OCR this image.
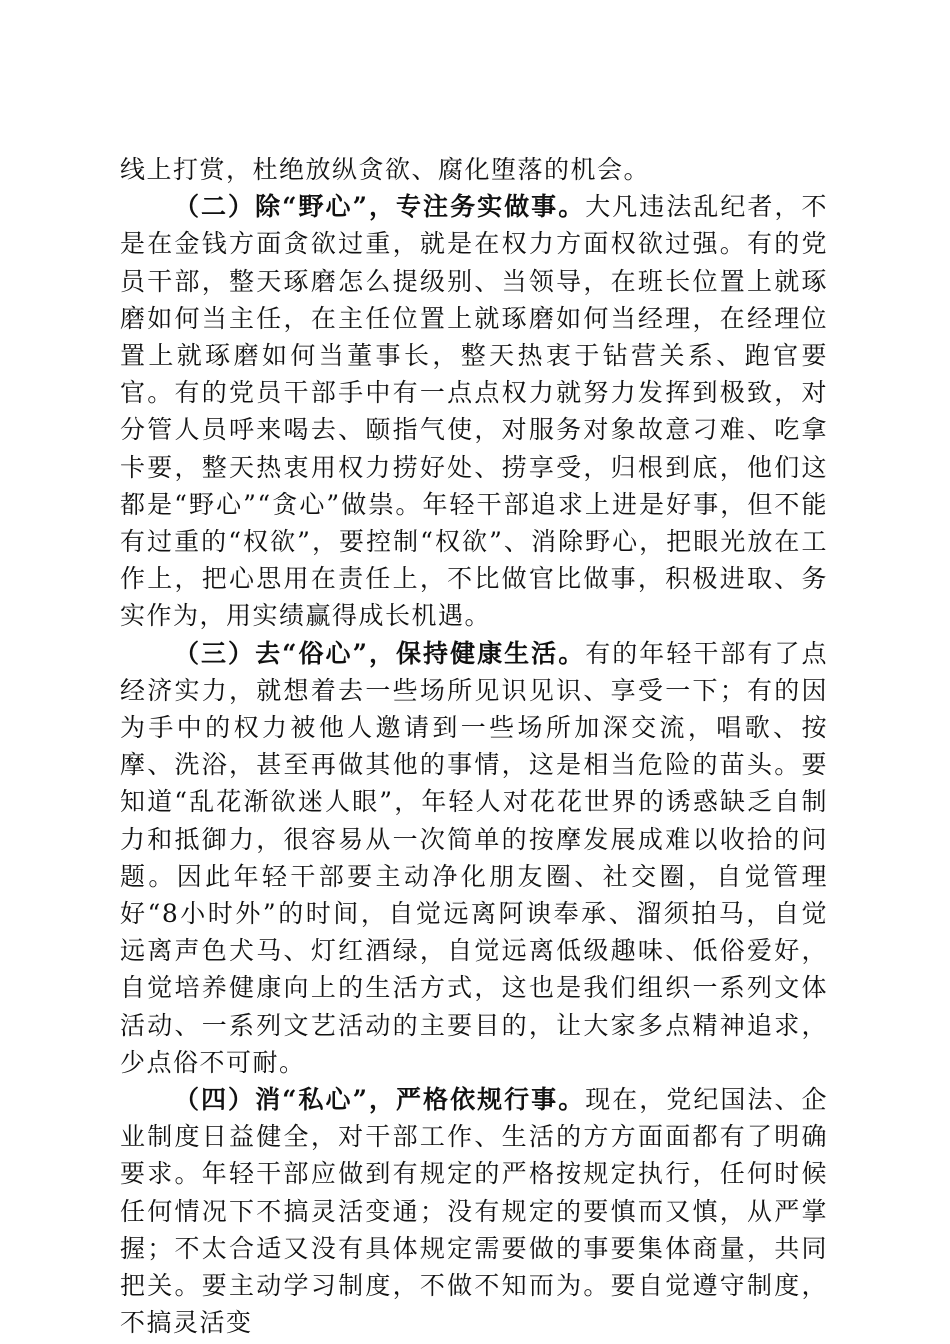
线上打赏，杜绝放纵贪欲、腐化堕落的机会。

（二）除“野心”，专注务实做事。大凡违法乱纪者，不是在金钱方面贪欲过重，就是在权力方面权欲过强。有的党员干部，整天琢磨怎么提级别、当领导，在班长位置上就琢磨如何当主任，在主任位置上就琢磨如何当经理，在经理位置上就琢磨如何当董事长，整天热衷于钻营关系、跑官要官。有的党员干部手中有一点点权力就努力发挥到极致，对分管人员呼来喝去、颐指气使，对服务对象故意刁难、吃拿卡要，整天热衷用权力捞好处、捞享受，归根到底，他们这都是“野心”“贪心”做祟。年轻干部追求上进是好事，但不能有过重的“权欲”，要控制“权欲”、消除野心，把眼光放在工作上，把心思用在责任上，不比做官比做事，积极进取、务实作为，用实绩赢得成长机遇。

（三）去“俗心”，保持健康生活。有的年轻干部有了点经济实力，就想着去一些场所见识见识、享受一下；有的因为手中的权力被他人邀请到一些场所加深交流，唱歌、按摩、洗浴，甚至再做其他的事情，这是相当危险的苗头。要知道“乱花渐欲迷人眼”，年轻人对花花世界的诱惑缺乏自制力和抵御力，很容易从一次简单的按摩发展成难以收拾的问题。因此年轻干部要主动净化朋友圈、社交圈，自觉管理好“8小时外”的时间，自觉远离阿谀奉承、溜须拍马，自觉远离声色犬马、灯红酒绿，自觉远离低级趣味、低俗爱好，自觉培养健康向上的生活方式，这也是我们组织一系列文体活动、一系列文艺活动的主要目的，让大家多点精神追求，少点俗不可耐。

（四）消“私心”，严格依规行事。现在，党纪国法、企业制度日益健全，对干部工作、生活的方方面面都有了明确要求。年轻干部应做到有规定的严格按规定执行，任何时候任何情况下不搞灵活变通；没有规定的要慎而又慎，从严掌握；不太合适又没有具体规定需要做的事要集体商量，共同把关。要主动学习制度，不做不知而为。要自觉遵守制度，不搞灵活变
